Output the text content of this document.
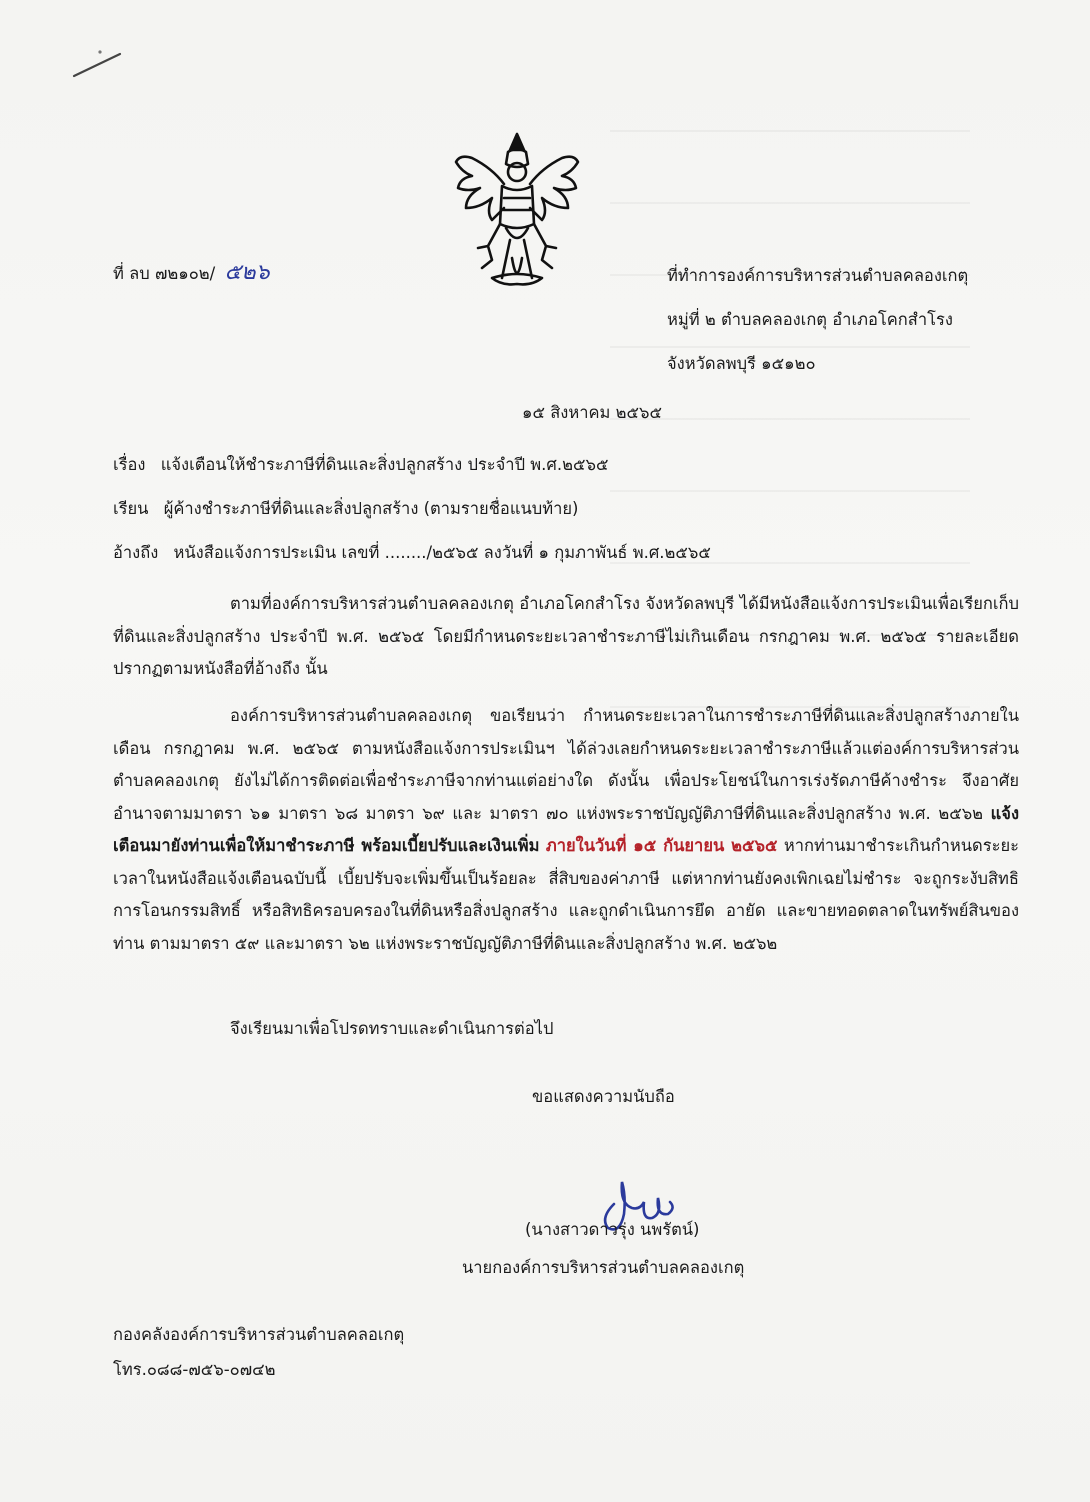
ที่ ลบ ๗๒๑๐๒/ ๕๒๖	ที่ทำการองค์การบริหารส่วนตำบลคลองเกตุ
หมู่ที่ ๒ ตำบลคลองเกตุ อำเภอโคกสำโรง
จังหวัดลพบุรี ๑๕๑๒๐
๑๕ สิงหาคม ๒๕๖๕
เรื่อง แจ้งเตือนให้ชำระภาษีที่ดินและสิ่งปลูกสร้าง ประจำปี พ.ศ.๒๕๖๕
เรียน ผู้ค้างชำระภาษีที่ดินและสิ่งปลูกสร้าง (ตามรายชื่อแนบท้าย)
อ้างถึง หนังสือแจ้งการประเมิน เลขที่ ......../๒๕๖๕ ลงวันที่ ๑ กุมภาพันธ์ พ.ศ.๒๕๖๕
ตามที่องค์การบริหารส่วนตำบลคลองเกตุ อำเภอโคกสำโรง จังหวัดลพบุรี ได้มีหนังสือแจ้งการประเมินเพื่อเรียกเก็บที่ดินและสิ่งปลูกสร้าง ประจำปี พ.ศ. ๒๕๖๕ โดยมีกำหนดระยะเวลาชำระภาษีไม่เกินเดือน กรกฎาคม พ.ศ. ๒๕๖๕ รายละเอียดปรากฏตามหนังสือที่อ้างถึง นั้น
องค์การบริหารส่วนตำบลคลองเกตุ ขอเรียนว่า กำหนดระยะเวลาในการชำระภาษีที่ดินและสิ่งปลูกสร้างภายในเดือน กรกฎาคม พ.ศ. ๒๕๖๕ ตามหนังสือแจ้งการประเมินฯ ได้ล่วงเลยกำหนดระยะเวลาชำระภาษีแล้วแต่องค์การบริหารส่วนตำบลคลองเกตุ ยังไม่ได้การติดต่อเพื่อชำระภาษีจากท่านแต่อย่างใด ดังนั้น เพื่อประโยชน์ในการเร่งรัดภาษีค้างชำระ จึงอาศัยอำนาจตามมาตรา ๖๑ มาตรา ๖๘ มาตรา ๖๙ และ มาตรา ๗๐ แห่งพระราชบัญญัติภาษีที่ดินและสิ่งปลูกสร้าง พ.ศ. ๒๕๖๒ แจ้งเตือนมายังท่านเพื่อให้มาชำระภาษี พร้อมเบี้ยปรับและเงินเพิ่ม ภายในวันที่ ๑๕ กันยายน ๒๕๖๕ หากท่านมาชำระเกินกำหนดระยะเวลาในหนังสือแจ้งเตือนฉบับนี้ เบี้ยปรับจะเพิ่มขึ้นเป็นร้อยละ สี่สิบของค่าภาษี แต่หากท่านยังคงเพิกเฉยไม่ชำระ จะถูกระงับสิทธิการโอนกรรมสิทธิ์ หรือสิทธิครอบครองในที่ดินหรือสิ่งปลูกสร้าง และถูกดำเนินการยึด อายัด และขายทอดตลาดในทรัพย์สินของท่าน ตามมาตรา ๕๙ และมาตรา ๖๒ แห่งพระราชบัญญัติภาษีที่ดินและสิ่งปลูกสร้าง พ.ศ. ๒๕๖๒
จึงเรียนมาเพื่อโปรดทราบและดำเนินการต่อไป
ขอแสดงความนับถือ
(นางสาวดาวรุ่ง นพรัตน์)
นายกองค์การบริหารส่วนตำบลคลองเกตุ
กองคลังองค์การบริหารส่วนตำบลคลอเกตุ
โทร.๐๘๘-๗๕๖-๐๗๔๒
